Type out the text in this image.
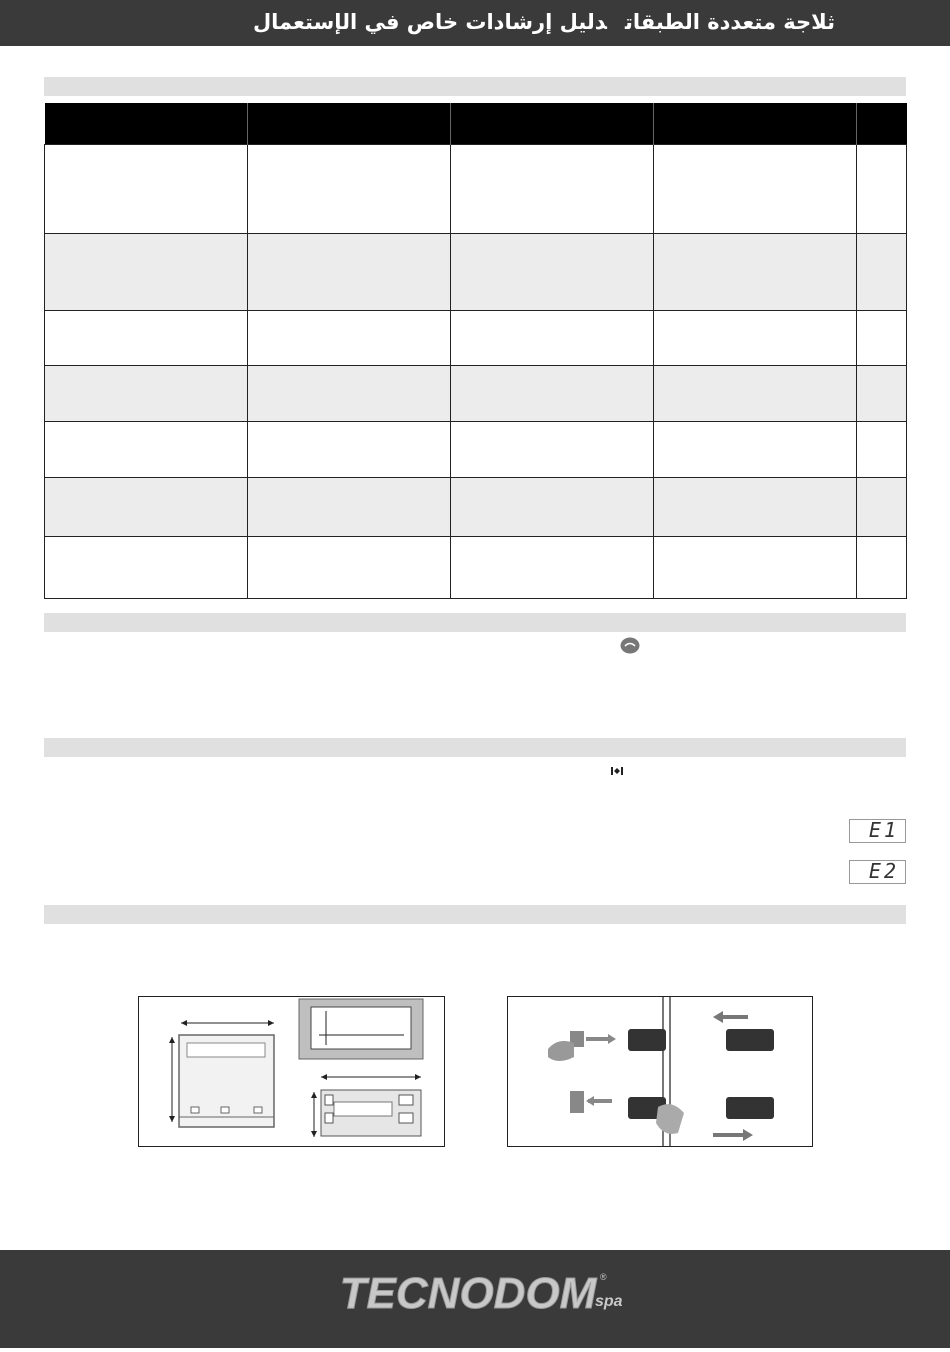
ثلاجة متعددة الطبقاتدليل إرشادات خاص في الإستعمال

E1
E2
TECNODOM
spa
®
